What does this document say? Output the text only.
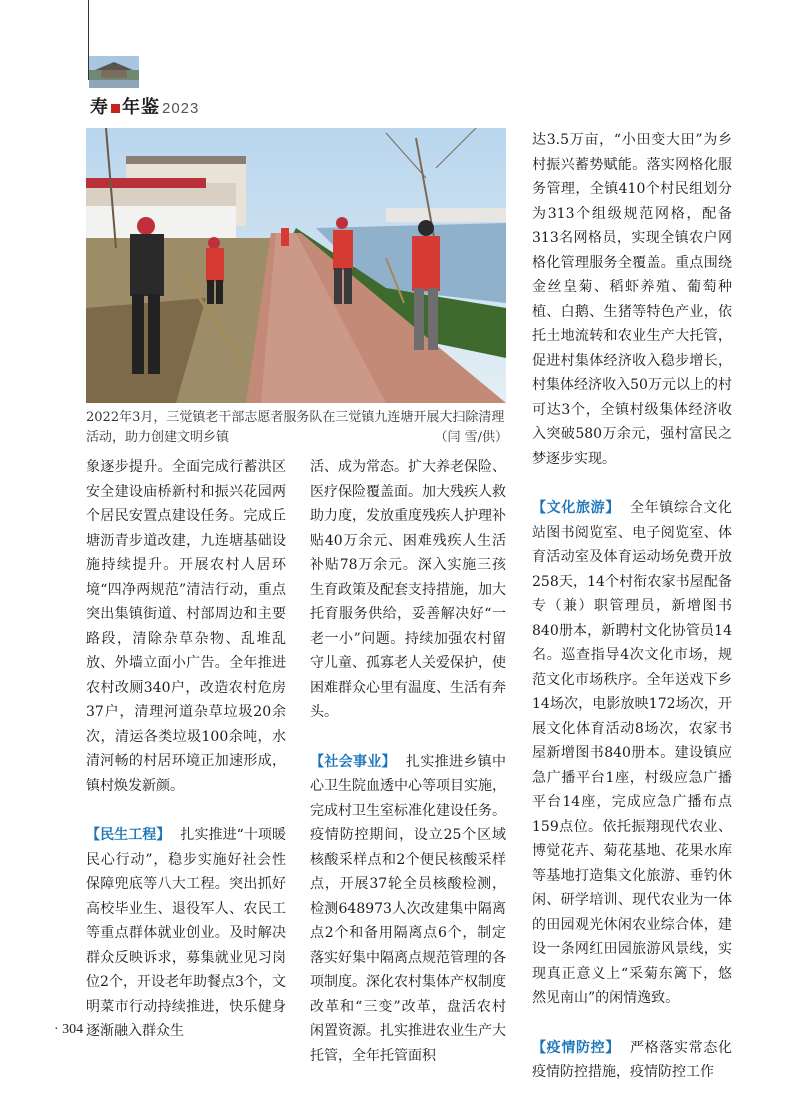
寿 年鉴 2023
2022年3月，三觉镇老干部志愿者服务队在三觉镇九连塘开展大扫除清理活动，助力创建文明乡镇	（闫 雪/供）

象逐步提升。全面完成行蓄洪区安全建设庙桥新村和振兴花园两个居民安置点建设任务。完成丘塘沥青步道改建，九连塘基础设施持续提升。开展农村人居环境“四净两规范”清洁行动，重点突出集镇街道、村部周边和主要路段，清除杂草杂物、乱堆乱放、外墙立面小广告。全年推进农村改厕340户，改造农村危房37户，清理河道杂草垃圾20余次，清运各类垃圾100余吨，水清河畅的村居环境正加速形成，镇村焕发新颜。

【民生工程】 扎实推进“十项暖民心行动”，稳步实施好社会性保障兜底等八大工程。突出抓好高校毕业生、退役军人、农民工等重点群体就业创业。及时解决群众反映诉求，募集就业见习岗位2个，开设老年助餐点3个，文明菜市行动持续推进，快乐健身逐渐融入群众生

活、成为常态。扩大养老保险、医疗保险覆盖面。加大残疾人救助力度，发放重度残疾人护理补贴40万余元、困难残疾人生活补贴78万余元。深入实施三孩生育政策及配套支持措施，加大托育服务供给，妥善解决好“一老一小”问题。持续加强农村留守儿童、孤寡老人关爱保护，使困难群众心里有温度、生活有奔头。

【社会事业】 扎实推进乡镇中心卫生院血透中心等项目实施，完成村卫生室标准化建设任务。疫情防控期间，设立25个区域核酸采样点和2个便民核酸采样点，开展37轮全员核酸检测，检测648973人次改建集中隔离点2个和备用隔离点6个，制定落实好集中隔离点规范管理的各项制度。深化农村集体产权制度改革和“三变”改革，盘活农村闲置资源。扎实推进农业生产大托管，全年托管面积

达3.5万亩，“小田变大田”为乡村振兴蓄势赋能。落实网格化服务管理，全镇410个村民组划分为313个组级规范网格，配备313名网格员，实现全镇农户网格化管理服务全覆盖。重点围绕金丝皇菊、稻虾养殖、葡萄种植、白鹅、生猪等特色产业，依托土地流转和农业生产大托管，促进村集体经济收入稳步增长，村集体经济收入50万元以上的村可达3个，全镇村级集体经济收入突破580万余元，强村富民之梦逐步实现。

【文化旅游】 全年镇综合文化站图书阅览室、电子阅览室、体育活动室及体育运动场免费开放258天，14个村衔农家书屋配备专（兼）职管理员，新增图书840册本，新聘村文化协管员14名。巡查指导4次文化市场，规范文化市场秩序。全年送戏下乡14场次，电影放映172场次，开展文化体育活动8场次，农家书屋新增图书840册本。建设镇应急广播平台1座，村级应急广播平台14座，完成应急广播布点159点位。依托振翔现代农业、博觉花卉、菊花基地、花果水库等基地打造集文化旅游、垂钓休闲、研学培训、现代农业为一体的田园观光休闲农业综合体，建设一条网红田园旅游风景线，实现真正意义上“采菊东篱下，悠然见南山”的闲情逸致。

【疫情防控】 严格落实常态化疫情防控措施，疫情防控工作

· 304 ·
